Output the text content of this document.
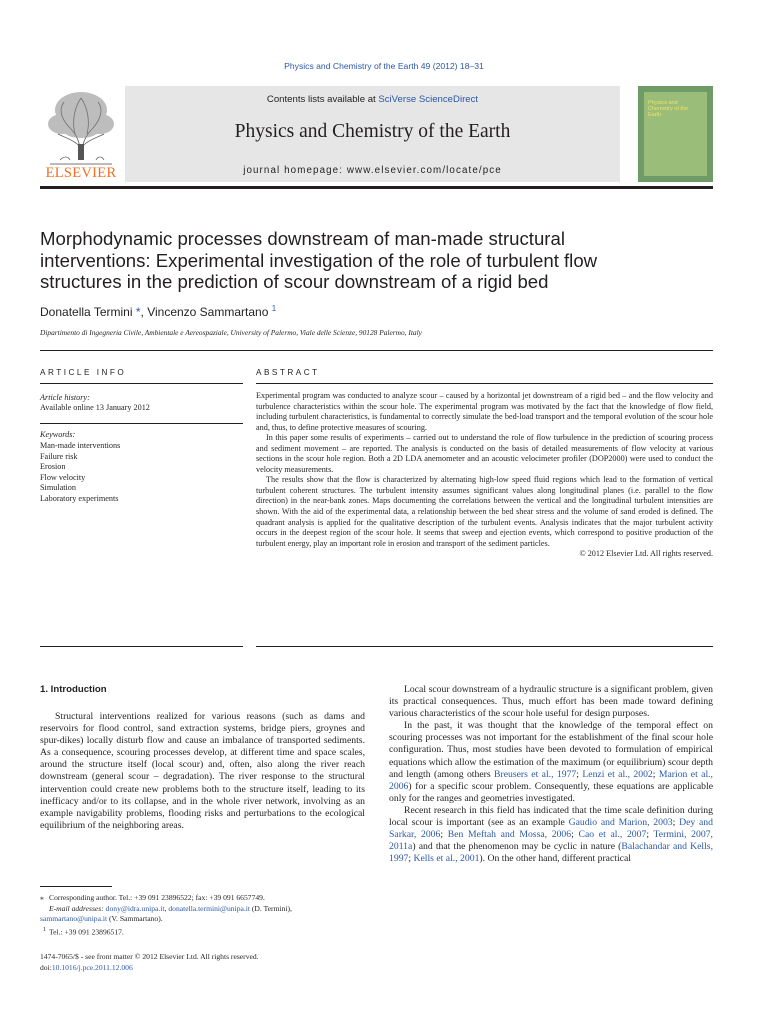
Physics and Chemistry of the Earth 49 (2012) 18–31
ELSEVIER
Contents lists available at SciVerse ScienceDirect
Physics and Chemistry of the Earth
journal homepage: www.elsevier.com/locate/pce
Physics and Chemistry of the Earth
Morphodynamic processes downstream of man-made structural interventions: Experimental investigation of the role of turbulent flow structures in the prediction of scour downstream of a rigid bed
Donatella Termini *, Vincenzo Sammartano $^1$
Dipartimento di Ingegneria Civile, Ambientale e Aereospaziale, University of Palermo, Viale delle Scienze, 90128 Palermo, Italy
ARTICLE INFO
Article history:
Available online 13 January 2012
Keywords:
Man-made interventions
Failure risk
Erosion
Flow velocity
Simulation
Laboratory experiments
ABSTRACT

Experimental program was conducted to analyze scour – caused by a horizontal jet downstream of a rigid bed – and the flow velocity and turbulence characteristics within the scour hole. The experimental program was motivated by the fact that the knowledge of flow field, including turbulent characteristics, is fundamental to correctly simulate the bed-load transport and the temporal evolution of the scour hole and, thus, to define protective measures of scouring.

In this paper some results of experiments – carried out to understand the role of flow turbulence in the prediction of scouring process and sediment movement – are reported. The analysis is conducted on the basis of detailed measurements of flow velocity at various sections in the scour hole region. Both a 2D LDA anemometer and an acoustic velocimeter profiler (DOP2000) were used to conduct the velocity measurements.

The results show that the flow is characterized by alternating high-low speed fluid regions which lead to the formation of vertical turbulent coherent structures. The turbulent intensity assumes significant values along longitudinal planes (i.e. parallel to the flow direction) in the near-bank zones. Maps documenting the correlations between the vertical and the longitudinal turbulent intensities are shown. With the aid of the experimental data, a relationship between the bed shear stress and the volume of sand eroded is defined. The quadrant analysis is applied for the qualitative description of the turbulent events. Analysis indicates that the major turbulent activity occurs in the deepest region of the scour hole. It seems that sweep and ejection events, which correspond to positive production of the turbulent energy, play an important role in erosion and transport of the sediment particles.

© 2012 Elsevier Ltd. All rights reserved.

1. Introduction

Structural interventions realized for various reasons (such as dams and reservoirs for flood control, sand extraction systems, bridge piers, groynes and spur-dikes) locally disturb flow and cause an imbalance of transported sediments. As a consequence, scouring processes develop, at different time and space scales, around the structure itself (local scour) and, often, also along the river reach downstream (general scour – degradation). The river response to the structural intervention could create new problems both to the structure itself, leading to its inefficacy and/or to its collapse, and in the whole river network, involving as an example navigability problems, flooding risks and perturbations to the ecological equilibrium of the neighboring areas.

Local scour downstream of a hydraulic structure is a significant problem, given its practical consequences. Thus, much effort has been made toward defining various characteristics of the scour hole useful for design purposes.

In the past, it was thought that the knowledge of the temporal effect on scouring processes was not important for the establishment of the final scour hole configuration. Thus, most studies have been devoted to formulation of empirical equations which allow the estimation of the maximum (or equilibrium) scour depth and length (among others Breusers et al., 1977; Lenzi et al., 2002; Marion et al., 2006) for a specific scour problem. Consequently, these equations are applicable only for the ranges and geometries investigated.

Recent research in this field has indicated that the time scale definition during local scour is important (see as an example Gaudio and Marion, 2003; Dey and Sarkar, 2006; Ben Meftah and Mossa, 2006; Cao et al., 2007; Termini, 2007, 2011a) and that the phenomenon may be cyclic in nature (Balachandar and Kells, 1997; Kells et al., 2001). On the other hand, different practical

⁎ Corresponding author. Tel.: +39 091 23896522; fax: +39 091 6657749.
E-mail addresses: dony@idra.unipa.it, donatella.termini@unipa.it (D. Termini),
sammartano@unipa.it (V. Sammartano).
$^1$ Tel.: +39 091 23896517.
1474-7065/$ - see front matter © 2012 Elsevier Ltd. All rights reserved.
doi:10.1016/j.pce.2011.12.006
